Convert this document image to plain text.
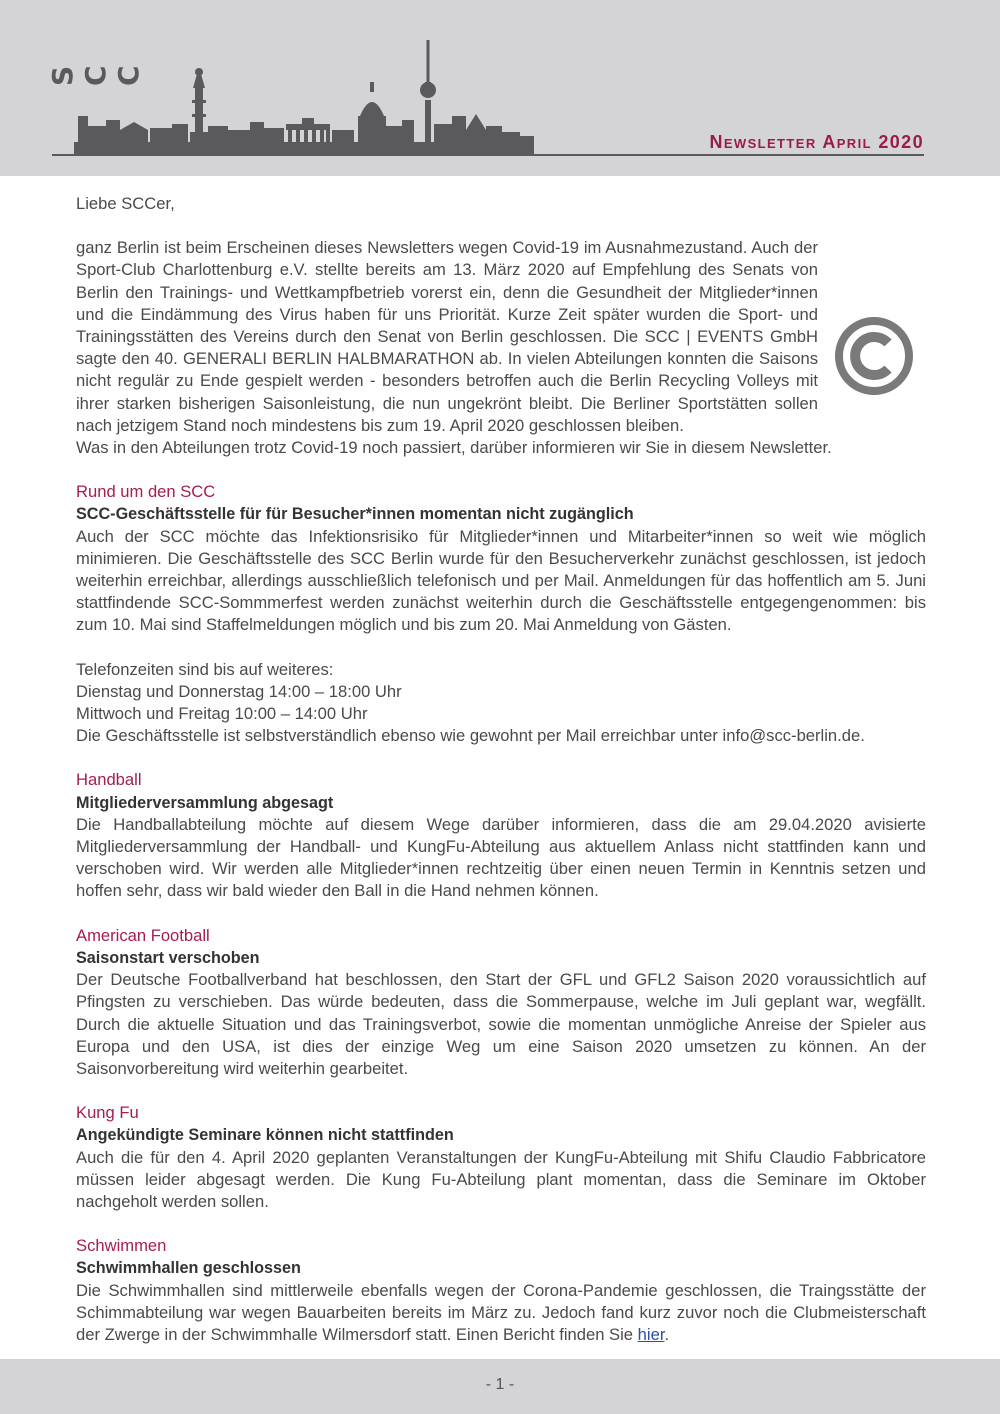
SCC
Newsletter April 2020

Liebe SCCer,

ganz Berlin ist beim Erscheinen dieses Newsletters wegen Covid-19 im Ausnahmezustand. Auch der Sport-Club Charlottenburg e.V. stellte bereits am 13. März 2020 auf Empfehlung des Senats von Berlin den Trainings- und Wettkampfbetrieb vorerst ein, denn die Gesundheit der Mitglieder*innen und die Eindämmung des Virus haben für uns Priorität. Kurze Zeit später wurden die Sport- und Trainingsstätten des Vereins durch den Senat von Berlin geschlossen. Die SCC | EVENTS GmbH sagte den 40. GENERALI BERLIN HALBMARATHON ab. In vielen Abteilungen konnten die Saisons nicht regulär zu Ende gespielt werden - besonders betroffen auch die Berlin Recycling Volleys mit ihrer starken bisherigen Saisonleistung, die nun ungekrönt bleibt. Die Berliner Sportstätten sollen nach jetzigem Stand noch mindestens bis zum 19. April 2020 geschlossen bleiben.

Was in den Abteilungen trotz Covid-19 noch passiert, darüber informieren wir Sie in diesem Newsletter.

Rund um den SCC

SCC-Geschäftsstelle für für Besucher*innen momentan nicht zugänglich

Auch der SCC möchte das Infektionsrisiko für Mitglieder*innen und Mitarbeiter*innen so weit wie möglich minimieren. Die Geschäftsstelle des SCC Berlin wurde für den Besucherverkehr zunächst geschlossen, ist jedoch weiterhin erreichbar, allerdings ausschließlich telefonisch und per Mail. Anmeldungen für das hoffentlich am 5. Juni stattfindende SCC-Sommmerfest werden zunächst weiterhin durch die Geschäftsstelle entgegengenommen: bis zum 10. Mai sind Staffelmeldungen möglich und bis zum 20. Mai Anmeldung von Gästen.

Telefonzeiten sind bis auf weiteres:

Dienstag und Donnerstag 14:00 – 18:00 Uhr

Mittwoch und Freitag 10:00 – 14:00 Uhr

Die Geschäftsstelle ist selbstverständlich ebenso wie gewohnt per Mail erreichbar unter info@scc-berlin.de.

Handball

Mitgliederversammlung abgesagt

Die Handballabteilung möchte auf diesem Wege darüber informieren, dass die am 29.04.2020 avisierte Mitgliederversammlung der Handball- und KungFu-Abteilung aus aktuellem Anlass nicht stattfinden kann und verschoben wird. Wir werden alle Mitglieder*innen rechtzeitig über einen neuen Termin in Kenntnis setzen und hoffen sehr, dass wir bald wieder den Ball in die Hand nehmen können.

American Football

Saisonstart verschoben

Der Deutsche Footballverband hat beschlossen, den Start der GFL und GFL2 Saison 2020 voraussichtlich auf Pfingsten zu verschieben. Das würde bedeuten, dass die Sommerpause, welche im Juli geplant war, wegfällt. Durch die aktuelle Situation und das Trainingsverbot, sowie die momentan unmögliche Anreise der Spieler aus Europa und den USA, ist dies der einzige Weg um eine Saison 2020 umsetzen zu können. An der Saisonvorbereitung wird weiterhin gearbeitet.

Kung Fu

Angekündigte Seminare können nicht stattfinden

Auch die für den 4. April 2020 geplanten Veranstaltungen der KungFu-Abteilung mit Shifu Claudio Fabbricatore müssen leider abgesagt werden. Die Kung Fu-Abteilung plant momentan, dass die Seminare im Oktober nachgeholt werden sollen.

Schwimmen

Schwimmhallen geschlossen

Die Schwimmhallen sind mittlerweile ebenfalls wegen der Corona-Pandemie geschlossen, die Traingsstätte der Schimmabteilung war wegen Bauarbeiten bereits im März zu. Jedoch fand kurz zuvor noch die Clubmeisterschaft der Zwerge in der Schwimmhalle Wilmersdorf statt. Einen Bericht finden Sie hier.

- 1 -
